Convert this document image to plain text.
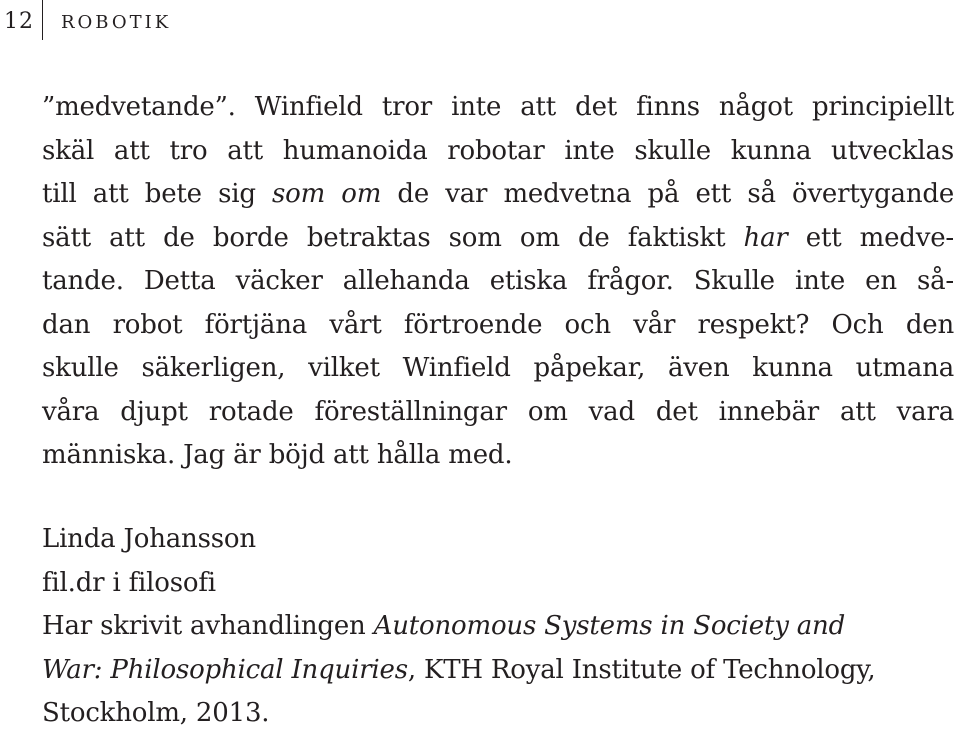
12 ROBOTIK
”medvetande”. Winfield tror inte att det finns något principiellt
skäl att tro att humanoida robotar inte skulle kunna utvecklas
till att bete sig som om de var medvetna på ett så övertygande
sätt att de borde betraktas som om de faktiskt har ett medve-
tande. Detta väcker allehanda etiska frågor. Skulle inte en så-
dan robot förtjäna vårt förtroende och vår respekt? Och den
skulle säkerligen, vilket Winfield påpekar, även kunna utmana
våra djupt rotade föreställningar om vad det innebär att vara
människa. Jag är böjd att hålla med.
Linda Johansson
fil.dr i filosofi
Har skrivit avhandlingen Autonomous Systems in Society and
War: Philosophical Inquiries, KTH Royal Institute of Technology,
Stockholm, 2013.
